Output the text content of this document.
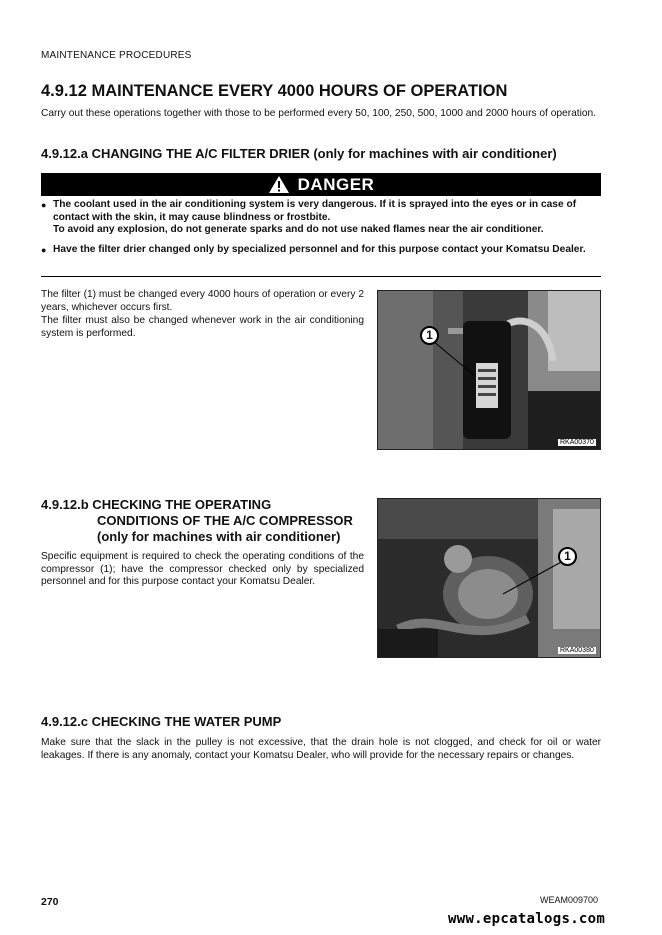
MAINTENANCE PROCEDURES
4.9.12 MAINTENANCE EVERY 4000 HOURS OF OPERATION
Carry out these operations together with those to be performed every 50, 100, 250, 500, 1000 and 2000 hours of operation.
4.9.12.a CHANGING THE A/C FILTER DRIER (only for machines with air conditioner)
DANGER
● The coolant used in the air conditioning system is very dangerous. If it is sprayed into the eyes or in case of contact with the skin, it may cause blindness or frostbite.
To avoid any explosion, do not generate sparks and do not use naked flames near the air conditioner.
● Have the filter drier changed only by specialized personnel and for this purpose contact your Komatsu Dealer.
The filter (1) must be changed every 4000 hours of operation or every 2 years, whichever occurs first.
The filter must also be changed whenever work in the air conditioning system is performed.	1
RKA00370
4.9.12.b CHECKING THE OPERATING
CONDITIONS OF THE A/C COMPRESSOR
(only for machines with air conditioner)
Specific equipment is required to check the operating conditions of the compressor (1); have the compressor checked only by specialized personnel and for this purpose contact your Komatsu Dealer.
1
RKA00380
4.9.12.c CHECKING THE WATER PUMP
Make sure that the slack in the pulley is not excessive, that the drain hole is not clogged, and check for oil or water leakages. If there is any anomaly, contact your Komatsu Dealer, who will provide for the necessary repairs or changes.
270	WEAM009700
www.epcatalogs.com
